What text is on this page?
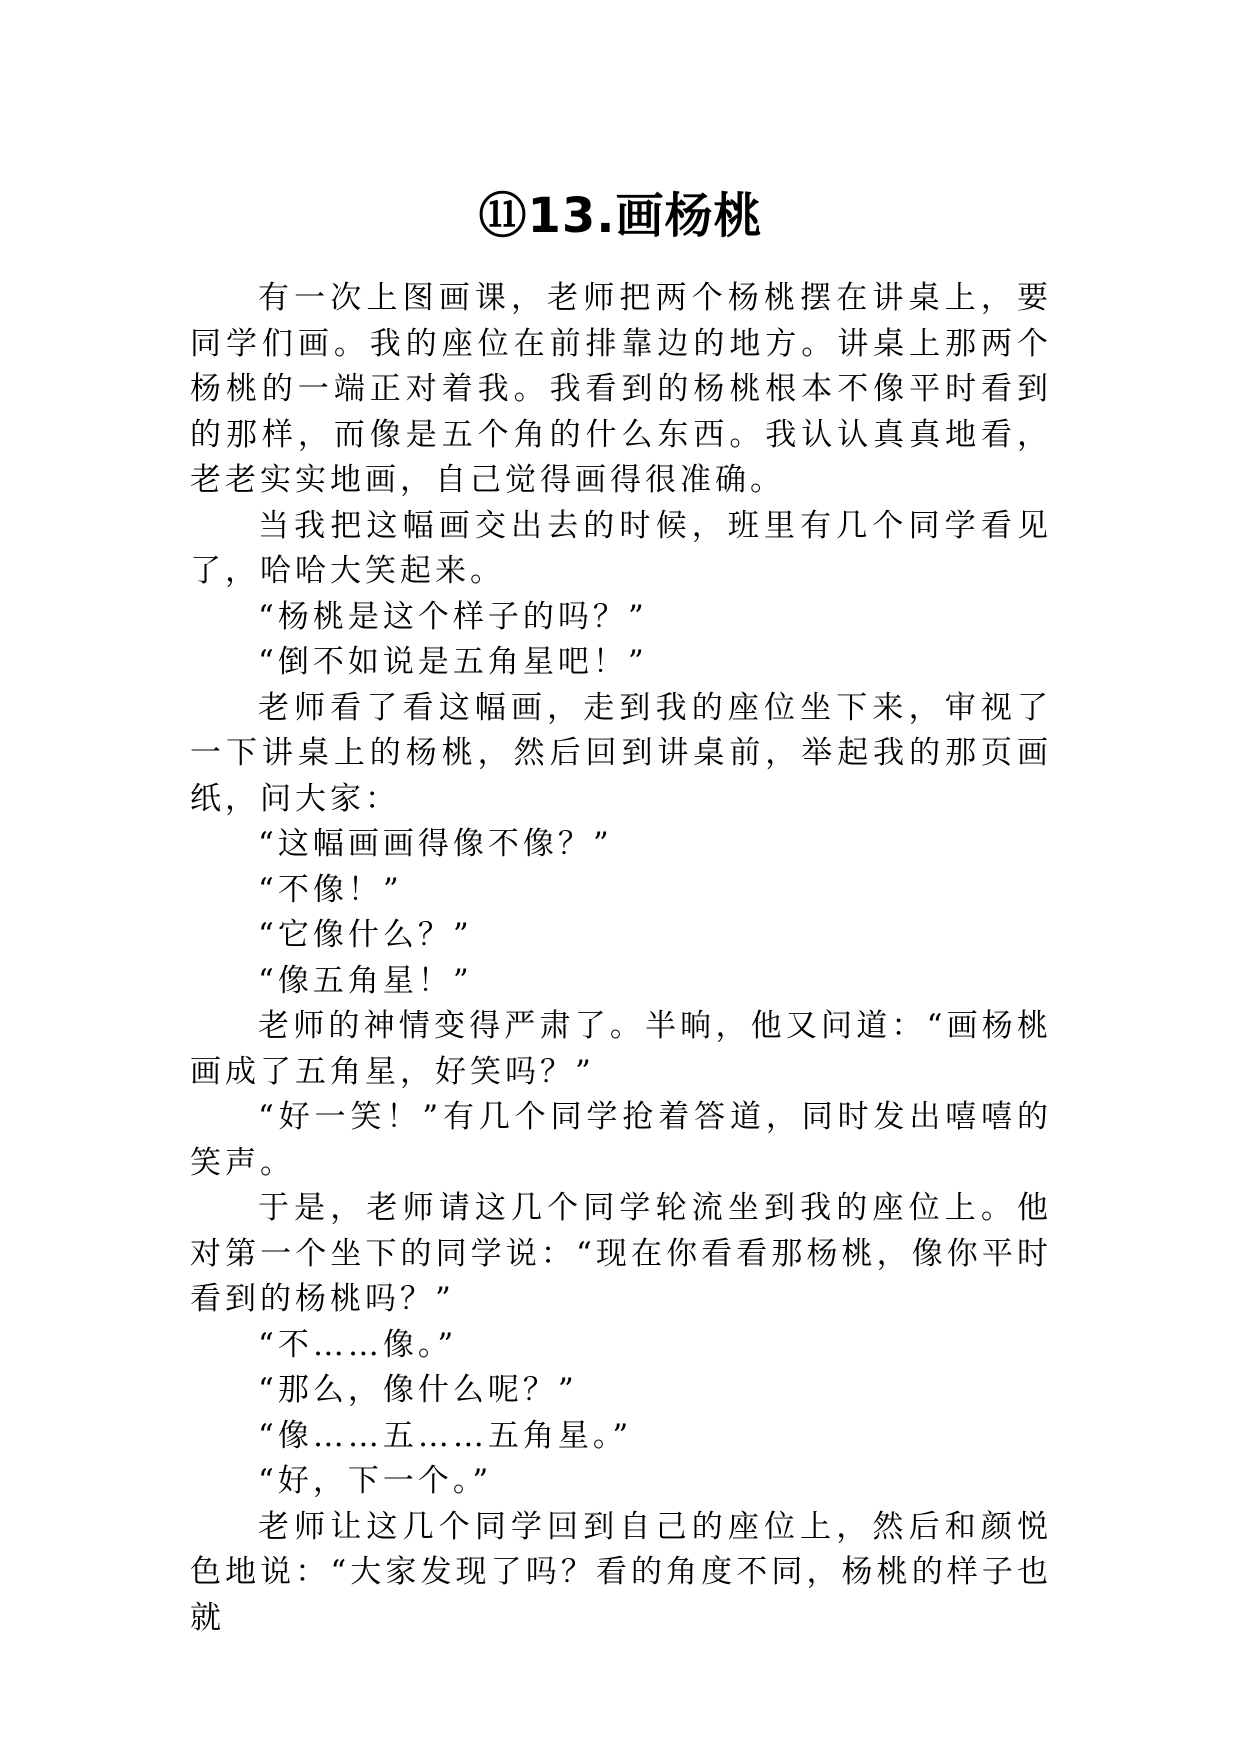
⑪13.画杨桃

有一次上图画课，老师把两个杨桃摆在讲桌上，要同学们画。我的座位在前排靠边的地方。讲桌上那两个杨桃的一端正对着我。我看到的杨桃根本不像平时看到的那样，而像是五个角的什么东西。我认认真真地看，老老实实地画，自己觉得画得很准确。

当我把这幅画交出去的时候，班里有几个同学看见了，哈哈大笑起来。

“杨桃是这个样子的吗？”

“倒不如说是五角星吧！”

老师看了看这幅画，走到我的座位坐下来，审视了一下讲桌上的杨桃，然后回到讲桌前，举起我的那页画纸，问大家：

“这幅画画得像不像？”

“不像！”

“它像什么？”

“像五角星！”

老师的神情变得严肃了。半晌，他又问道：“画杨桃画成了五角星，好笑吗？”

“好一笑！”有几个同学抢着答道，同时发出嘻嘻的笑声。

于是，老师请这几个同学轮流坐到我的座位上。他对第一个坐下的同学说：“现在你看看那杨桃，像你平时看到的杨桃吗？”

“不……像。”

“那么，像什么呢？”

“像……五……五角星。”

“好，下一个。”

老师让这几个同学回到自己的座位上，然后和颜悦色地说：“大家发现了吗？看的角度不同，杨桃的样子也就
